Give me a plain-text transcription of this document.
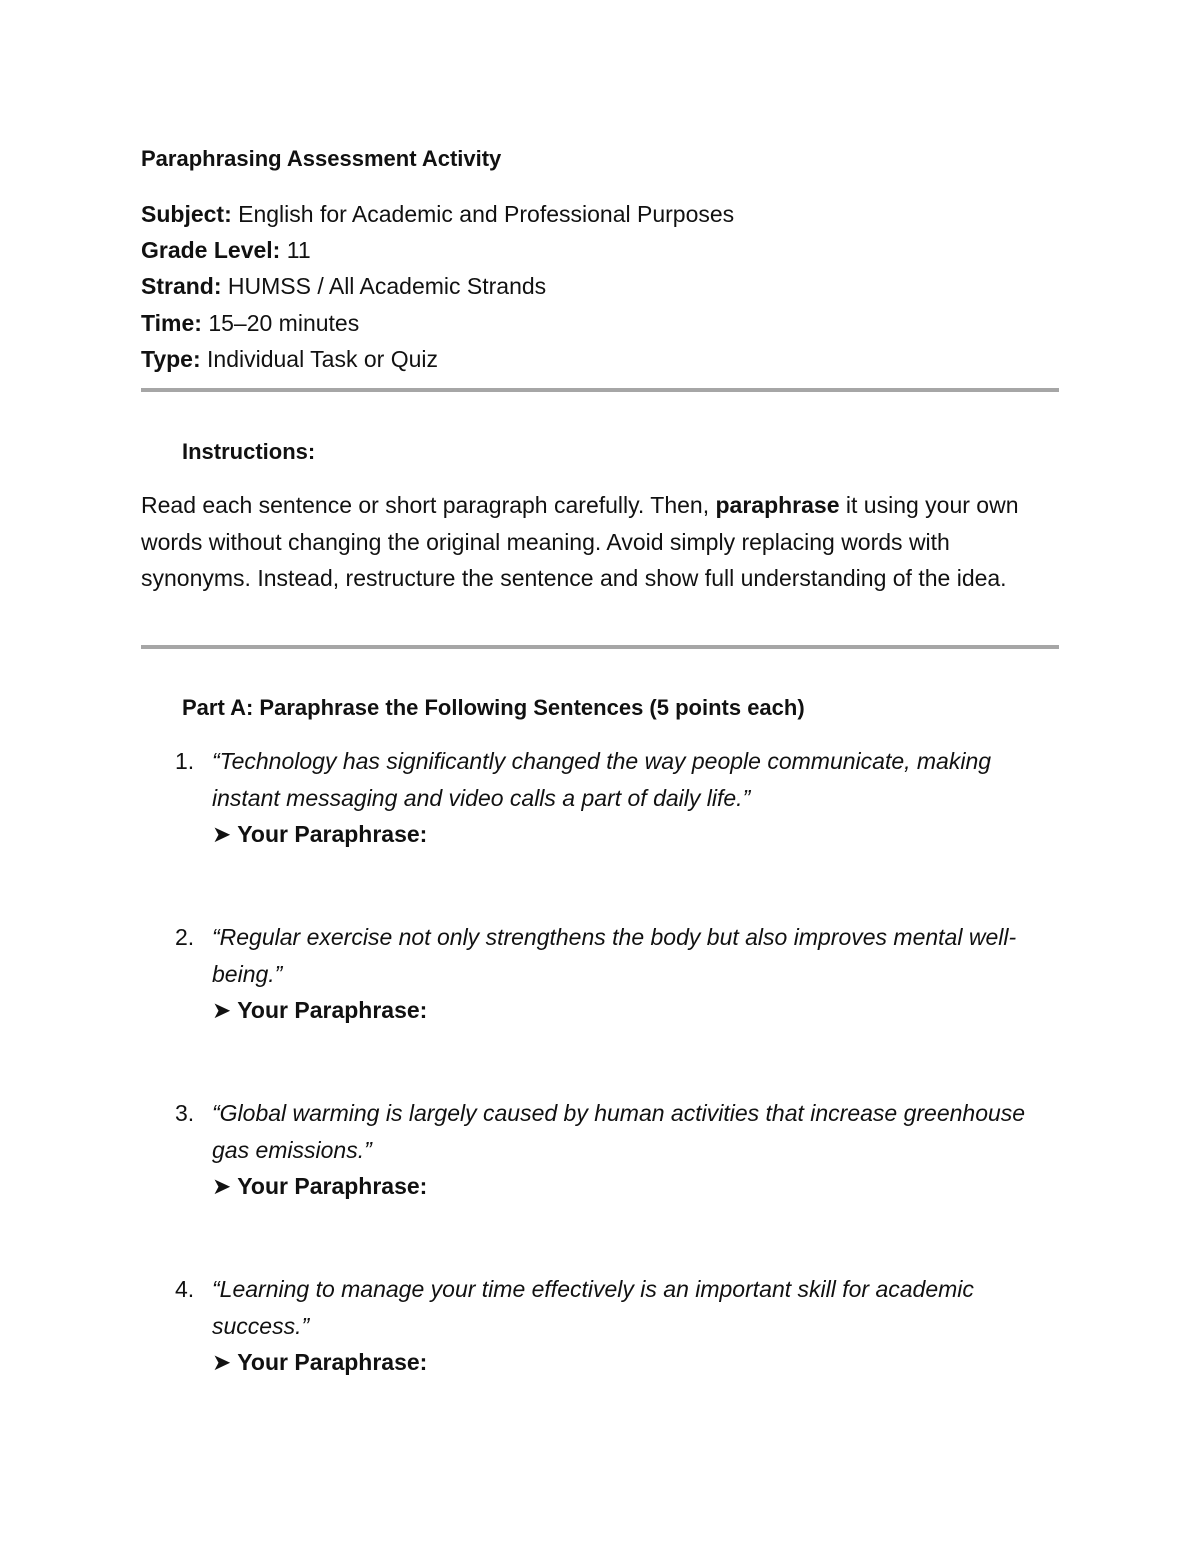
Paraphrasing Assessment Activity
Subject: English for Academic and Professional Purposes
Grade Level: 11
Strand: HUMSS / All Academic Strands
Time: 15–20 minutes
Type: Individual Task or Quiz
Instructions:

Read each sentence or short paragraph carefully. Then, paraphrase it using your own words without changing the original meaning. Avoid simply replacing words with synonyms. Instead, restructure the sentence and show full understanding of the idea.

Part A: Paraphrase the Following Sentences (5 points each)
1. “Technology has significantly changed the way people communicate, making instant messaging and video calls a part of daily life.”
➤ Your Paraphrase:
2. “Regular exercise not only strengthens the body but also improves mental well-being.”
➤ Your Paraphrase:
3. “Global warming is largely caused by human activities that increase greenhouse gas emissions.”
➤ Your Paraphrase:
4. “Learning to manage your time effectively is an important skill for academic success.”
➤ Your Paraphrase:
